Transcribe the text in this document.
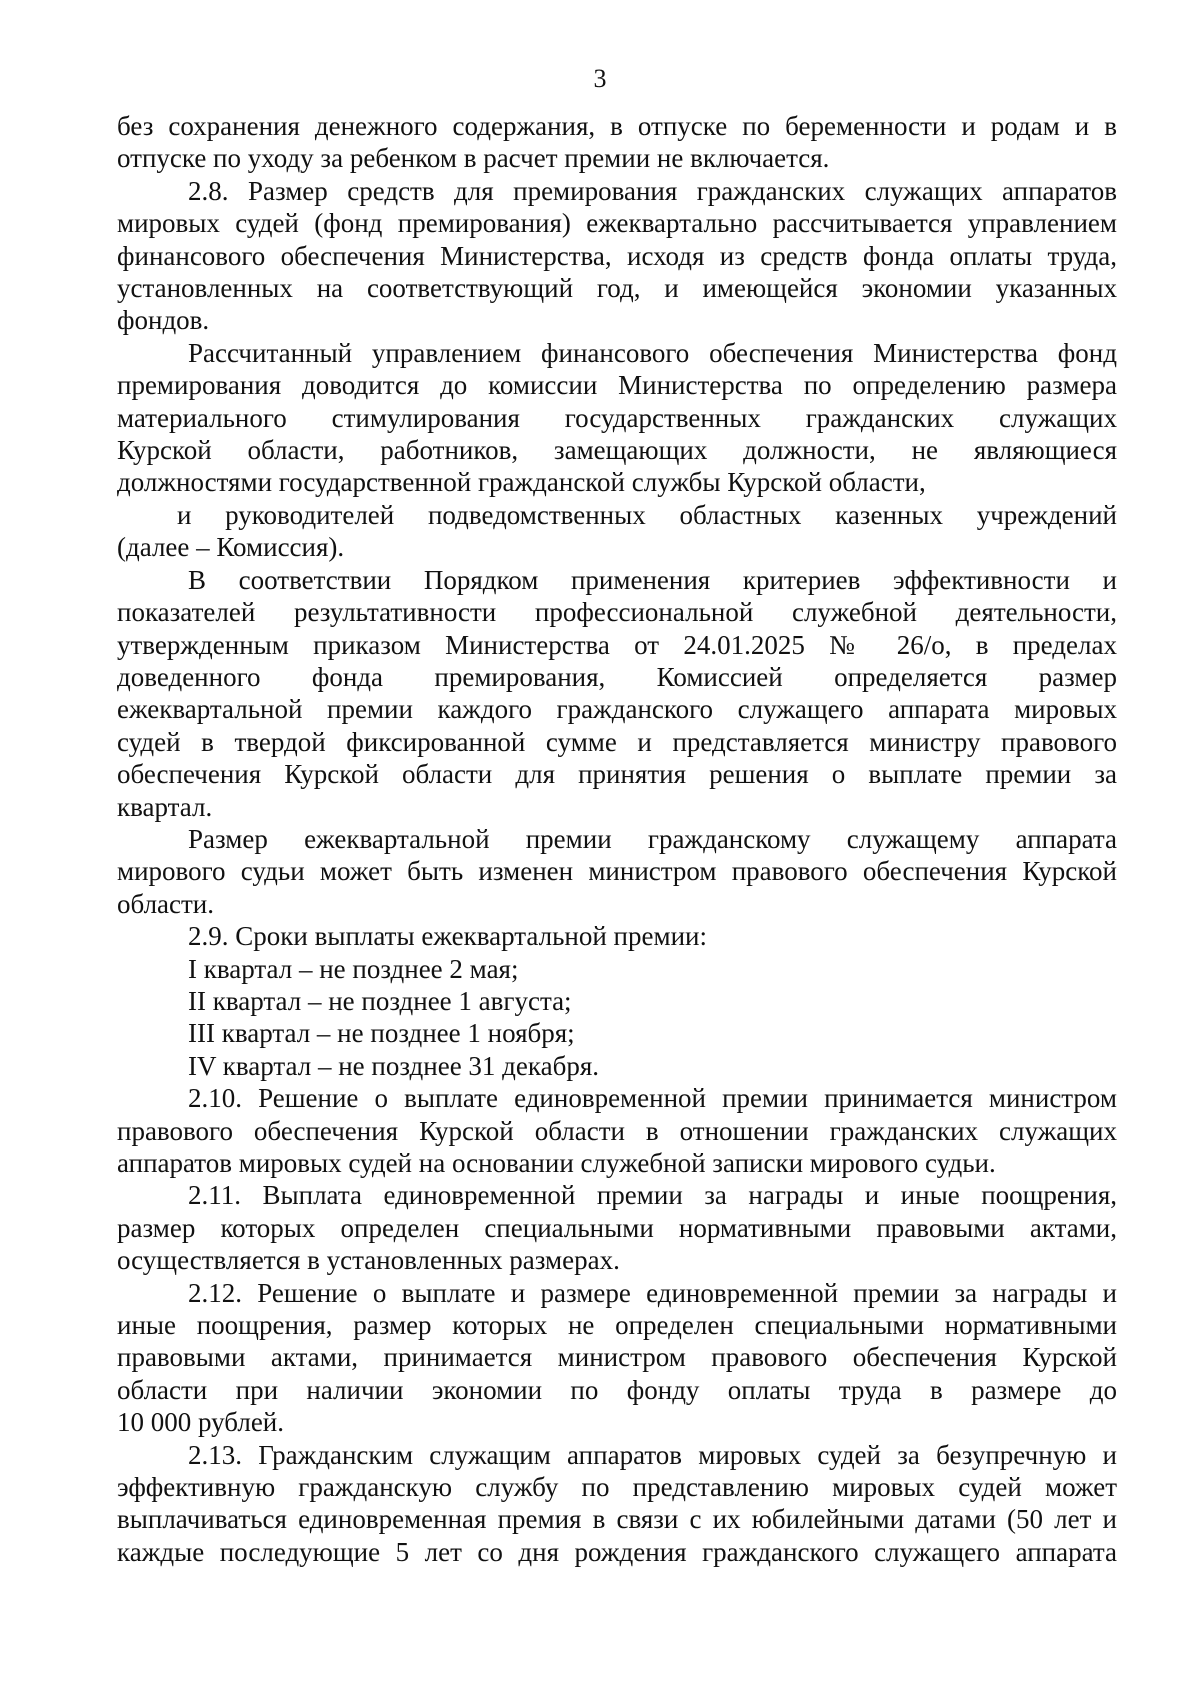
3

без сохранения денежного содержания, в отпуске по беременности и родам и в

отпуске по уходу за ребенком в расчет премии не включается.

2.8. Размер средств для премирования гражданских служащих аппаратов

мировых судей (фонд премирования) ежеквартально рассчитывается управлением

финансового обеспечения Министерства, исходя из средств фонда оплаты труда,

установленных на соответствующий год, и имеющейся экономии указанных

фондов.

Рассчитанный управлением финансового обеспечения Министерства фонд

премирования доводится до комиссии Министерства по определению размера

материального стимулирования государственных гражданских служащих

Курской области, работников, замещающих должности, не являющиеся

должностями государственной гражданской службы Курской области,

и руководителей подведомственных областных казенных учреждений

(далее – Комиссия).

В соответствии Порядком применения критериев эффективности и

показателей результативности профессиональной служебной деятельности,

утвержденным приказом Министерства от 24.01.2025 № 26/о, в пределах

доведенного фонда премирования, Комиссией определяется размер

ежеквартальной премии каждого гражданского служащего аппарата мировых

судей в твердой фиксированной сумме и представляется министру правового

обеспечения Курской области для принятия решения о выплате премии за

квартал.

Размер ежеквартальной премии гражданскому служащему аппарата

мирового судьи может быть изменен министром правового обеспечения Курской

области.

2.9. Сроки выплаты ежеквартальной премии:

I квартал – не позднее 2 мая;

II квартал – не позднее 1 августа;

III квартал – не позднее 1 ноября;

IV квартал – не позднее 31 декабря.

2.10. Решение о выплате единовременной премии принимается министром

правового обеспечения Курской области в отношении гражданских служащих

аппаратов мировых судей на основании служебной записки мирового судьи.

2.11. Выплата единовременной премии за награды и иные поощрения,

размер которых определен специальными нормативными правовыми актами,

осуществляется в установленных размерах.

2.12. Решение о выплате и размере единовременной премии за награды и

иные поощрения, размер которых не определен специальными нормативными

правовыми актами, принимается министром правового обеспечения Курской

области при наличии экономии по фонду оплаты труда в размере до

10 000 рублей.

2.13. Гражданским служащим аппаратов мировых судей за безупречную и

эффективную гражданскую службу по представлению мировых судей может

выплачиваться единовременная премия в связи с их юбилейными датами (50 лет и

каждые последующие 5 лет со дня рождения гражданского служащего аппарата
